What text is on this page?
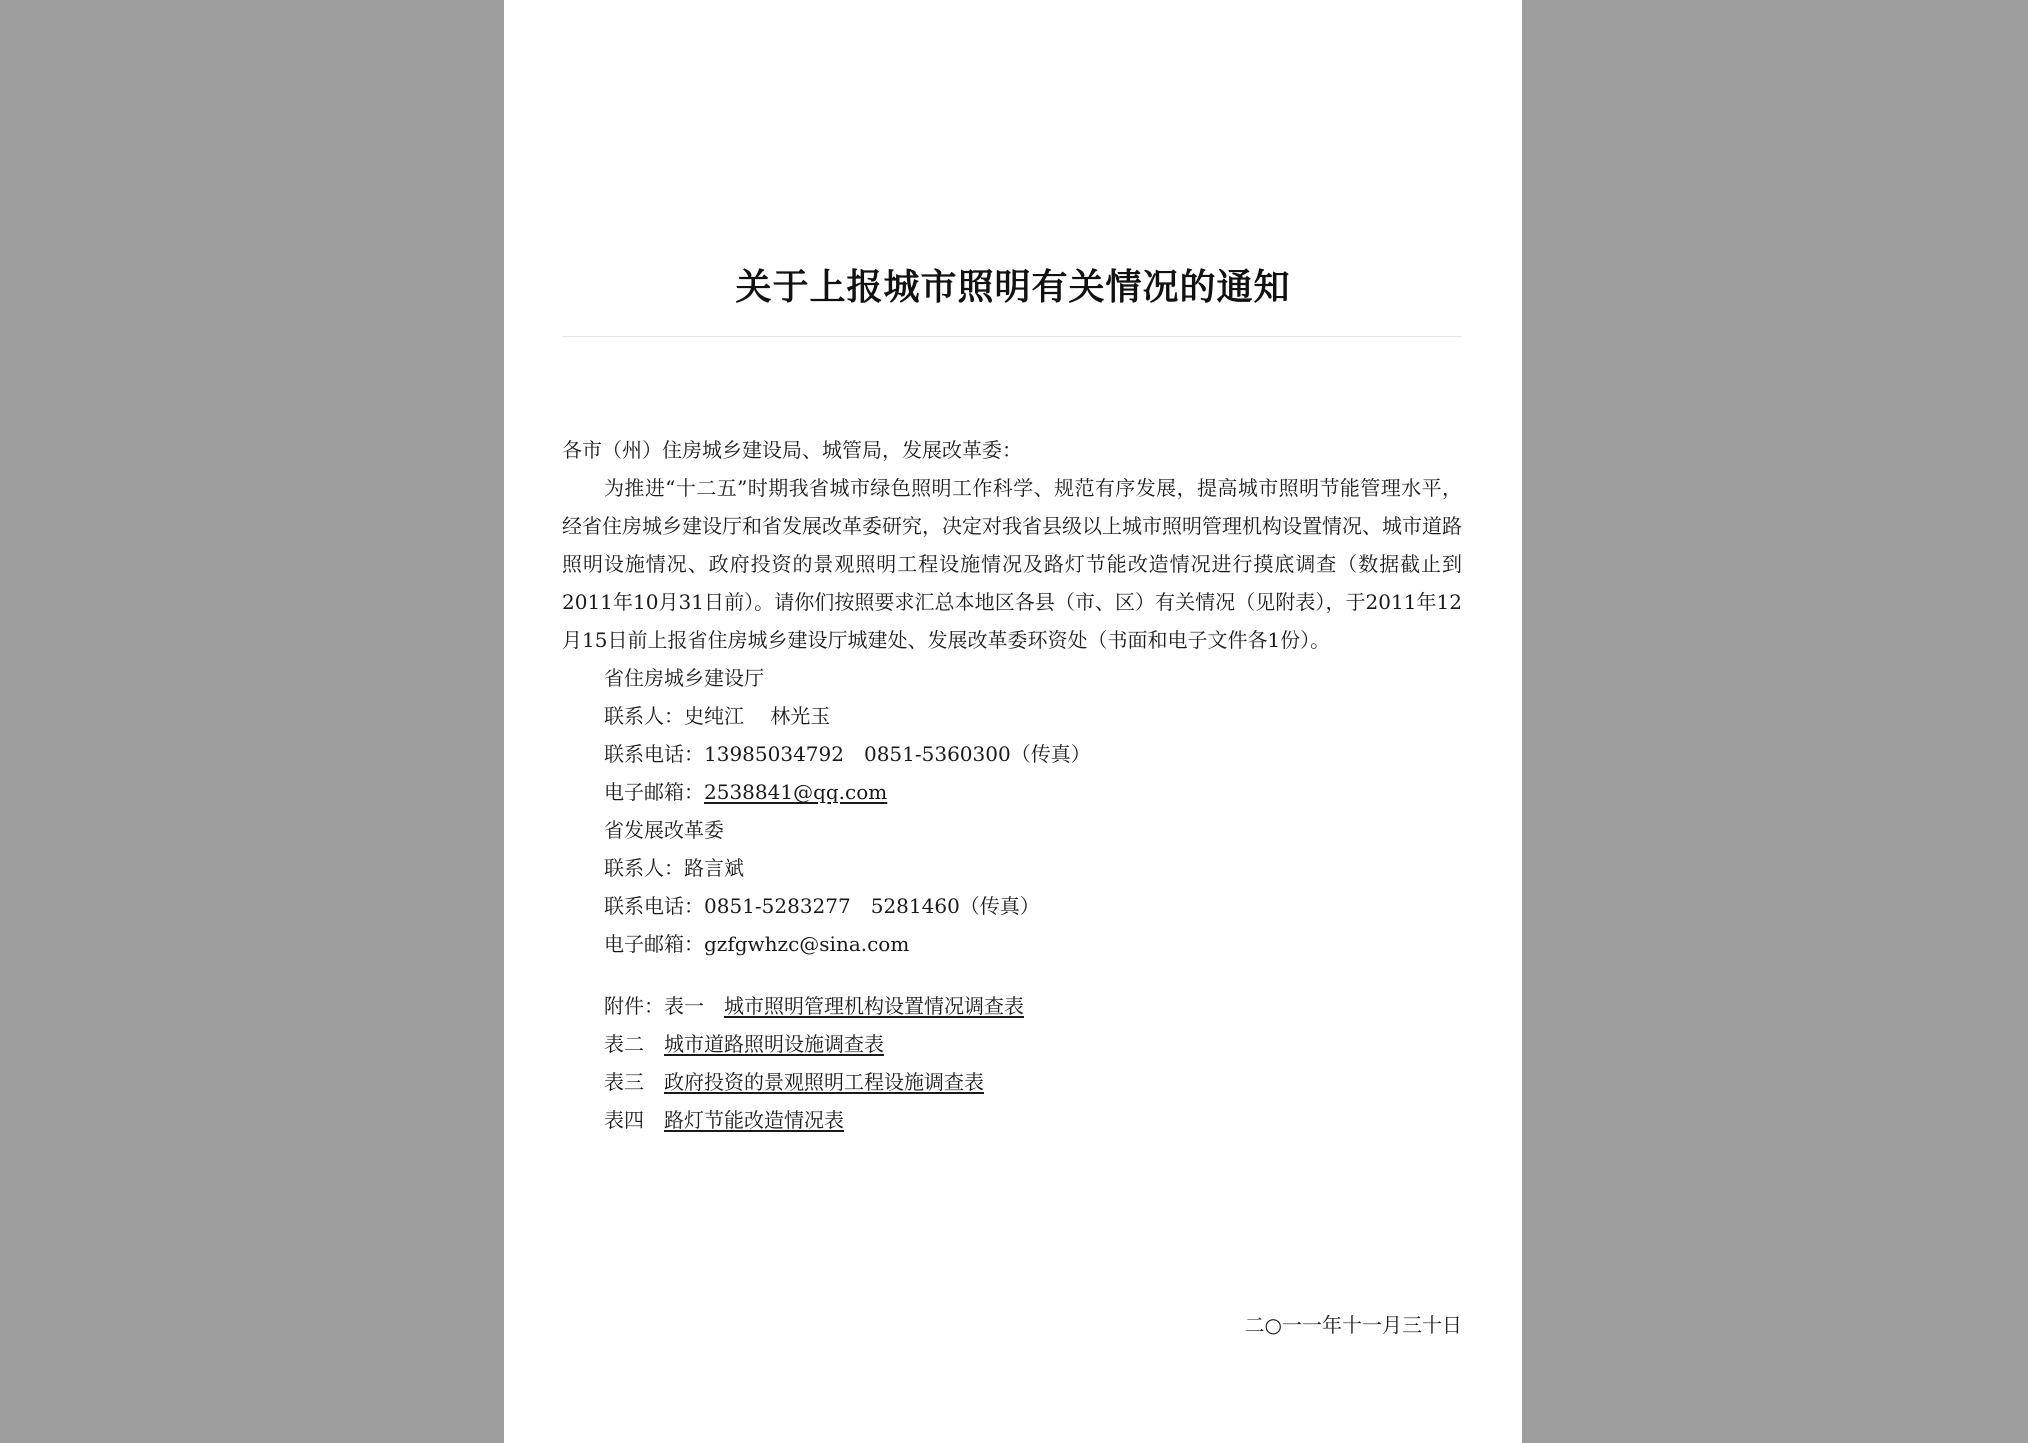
关于上报城市照明有关情况的通知

各市（州）住房城乡建设局、城管局，发展改革委：

为推进“十二五”时期我省城市绿色照明工作科学、规范有序发展，提高城市照明节能管理水平，经省住房城乡建设厅和省发展改革委研究，决定对我省县级以上城市照明管理机构设置情况、城市道路照明设施情况、政府投资的景观照明工程设施情况及路灯节能改造情况进行摸底调查（数据截止到2011年10月31日前）。请你们按照要求汇总本地区各县（市、区）有关情况（见附表），于2011年12月15日前上报省住房城乡建设厅城建处、发展改革委环资处（书面和电子文件各1份）。

省住房城乡建设厅

联系人：史纯江　 林光玉

联系电话：13985034792　0851-5360300（传真）

电子邮箱：2538841@qq.com

省发展改革委

联系人：路言斌

联系电话：0851-5283277　5281460（传真）

电子邮箱：gzfgwhzc@sina.com

附件：表一　 城市照明管理机构设置情况调查表

表二　 城市道路照明设施调查表

表三　 政府投资的景观照明工程设施调查表

表四　 路灯节能改造情况表

二○一一年十一月三十日
